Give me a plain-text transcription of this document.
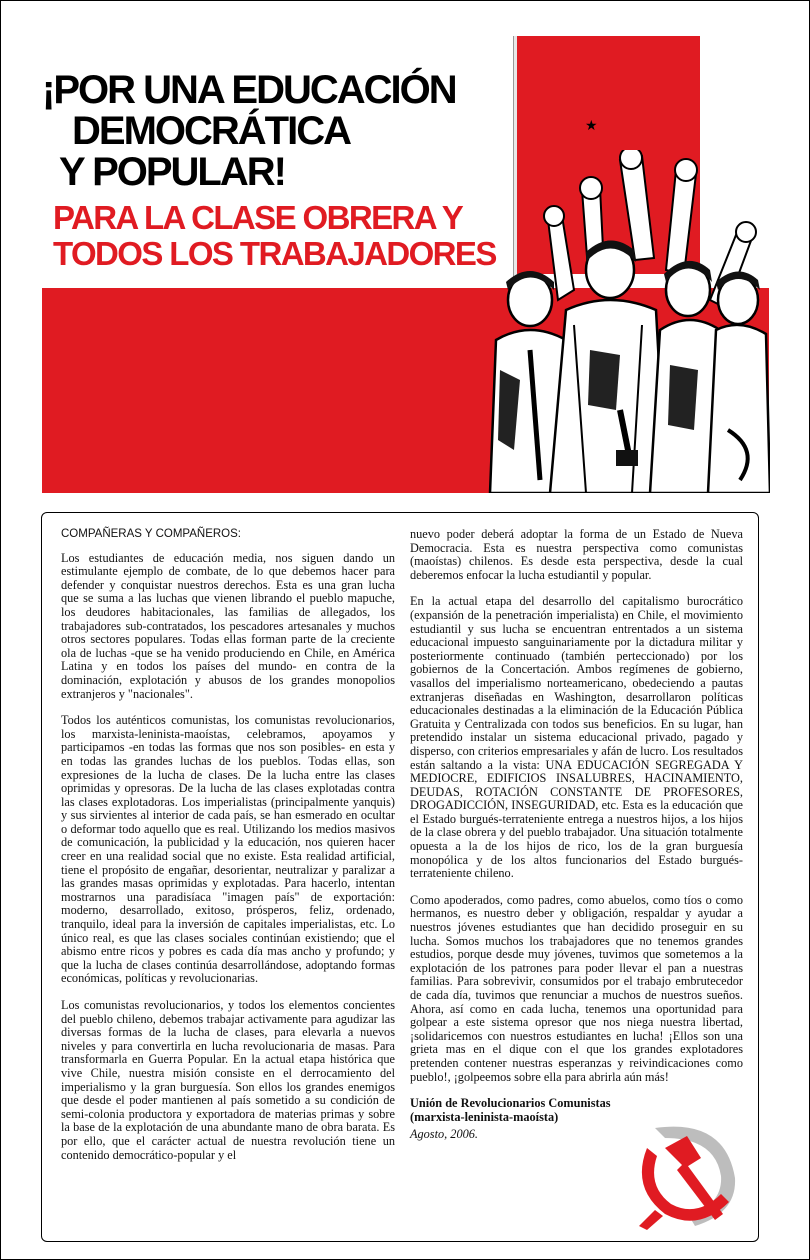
★
¡POR UNA EDUCACIÓN
DEMOCRÁTICA
Y POPULAR!
PARA LA CLASE OBRERA Y
TODOS LOS TRABAJADORES

COMPAÑERAS Y COMPAÑEROS:

Los estudiantes de educación media, nos siguen dando un estimulante ejemplo de combate, de lo que debemos hacer para defender y conquistar nuestros derechos. Esta es una gran lucha que se suma a las luchas que vienen librando el pueblo mapuche, los deudores habitacionales, las familias de allegados, los trabajadores sub-contratados, los pescadores artesanales y muchos otros sectores populares. Todas ellas forman parte de la creciente ola de luchas -que se ha venido produciendo en Chile, en América Latina y en todos los países del mundo- en contra de la dominación, explotación y abusos de los grandes monopolios extranjeros y "nacionales".

Todos los auténticos comunistas, los comunistas revolucionarios, los marxista-leninista-maoístas, celebramos, apoyamos y participamos -en todas las formas que nos son posibles- en esta y en todas las grandes luchas de los pueblos. Todas ellas, son expresiones de la lucha de clases. De la lucha entre las clases oprimidas y opresoras. De la lucha de las clases explotadas contra las clases explotadoras. Los imperialistas (principalmente yanquis) y sus sirvientes al interior de cada país, se han esmerado en ocultar o deformar todo aquello que es real. Utilizando los medios masivos de comunicación, la publicidad y la educación, nos quieren hacer creer en una realidad social que no existe. Esta realidad artificial, tiene el propósito de engañar, desorientar, neutralizar y paralizar a las grandes masas oprimidas y explotadas. Para hacerlo, intentan mostrarnos una paradisíaca "imagen país" de exportación: moderno, desarrollado, exitoso, prósperos, feliz, ordenado, tranquilo, ideal para la inversión de capitales imperialistas, etc. Lo único real, es que las clases sociales continúan existiendo; que el abismo entre ricos y pobres es cada día mas ancho y profundo; y que la lucha de clases continúa desarrollándose, adoptando formas económicas, políticas y revolucionarias.

Los comunistas revolucionarios, y todos los elementos concientes del pueblo chileno, debemos trabajar activamente para agudizar las diversas formas de la lucha de clases, para elevarla a nuevos niveles y para convertirla en lucha revolucionaria de masas. Para transformarla en Guerra Popular. En la actual etapa histórica que vive Chile, nuestra misión consiste en el derrocamiento del imperialismo y la gran burguesía. Son ellos los grandes enemigos que desde el poder mantienen al país sometido a su condición de semi-colonia productora y exportadora de materias primas y sobre la base de la explotación de una abundante mano de obra barata. Es por ello, que el carácter actual de nuestra revolución tiene un contenido democrático-popular y el

nuevo poder deberá adoptar la forma de un Estado de Nueva Democracia. Esta es nuestra perspectiva como comunistas (maoístas) chilenos. Es desde esta perspectiva, desde la cual deberemos enfocar la lucha estudiantil y popular.

En la actual etapa del desarrollo del capitalismo burocrático (expansión de la penetración imperialista) en Chile, el movimiento estudiantil y sus lucha se encuentran entrentados a un sistema educacional impuesto sanguinariamente por la dictadura militar y posteriormente continuado (también perteccionado) por los gobiernos de la Concertación. Ambos regímenes de gobierno, vasallos del imperialismo norteamericano, obedeciendo a pautas extranjeras diseñadas en Washington, desarrollaron políticas educacionales destinadas a la eliminación de la Educación Pública Gratuita y Centralizada con todos sus beneficios. En su lugar, han pretendido instalar un sistema educacional privado, pagado y disperso, con criterios empresariales y afán de lucro. Los resultados están saltando a la vista: UNA EDUCACIÓN SEGREGADA Y MEDIOCRE, EDIFICIOS INSALUBRES, HACINAMIENTO, DEUDAS, ROTACIÓN CONSTANTE DE PROFESORES, DROGADICCIÓN, INSEGURIDAD, etc. Esta es la educación que el Estado burgués-terrateniente entrega a nuestros hijos, a los hijos de la clase obrera y del pueblo trabajador. Una situación totalmente opuesta a la de los hijos de rico, los de la gran burguesía monopólica y de los altos funcionarios del Estado burgués-terrateniente chileno.

Como apoderados, como padres, como abuelos, como tíos o como hermanos, es nuestro deber y obligación, respaldar y ayudar a nuestros jóvenes estudiantes que han decidido proseguir en su lucha. Somos muchos los trabajadores que no tenemos grandes estudios, porque desde muy jóvenes, tuvimos que sometemos a la explotación de los patrones para poder llevar el pan a nuestras familias. Para sobrevivir, consumidos por el trabajo embrutecedor de cada día, tuvimos que renunciar a muchos de nuestros sueños. Ahora, así como en cada lucha, tenemos una oportunidad para golpear a este sistema opresor que nos niega nuestra libertad, ¡solidaricemos con nuestros estudiantes en lucha! ¡Ellos son una grieta mas en el dique con el que los grandes explotadores pretenden contener nuestras esperanzas y reivindicaciones como pueblo!, ¡golpeemos sobre ella para abrirla aún más!

Unión de Revolucionarios Comunistas

(marxista-leninista-maoísta)

Agosto, 2006.
